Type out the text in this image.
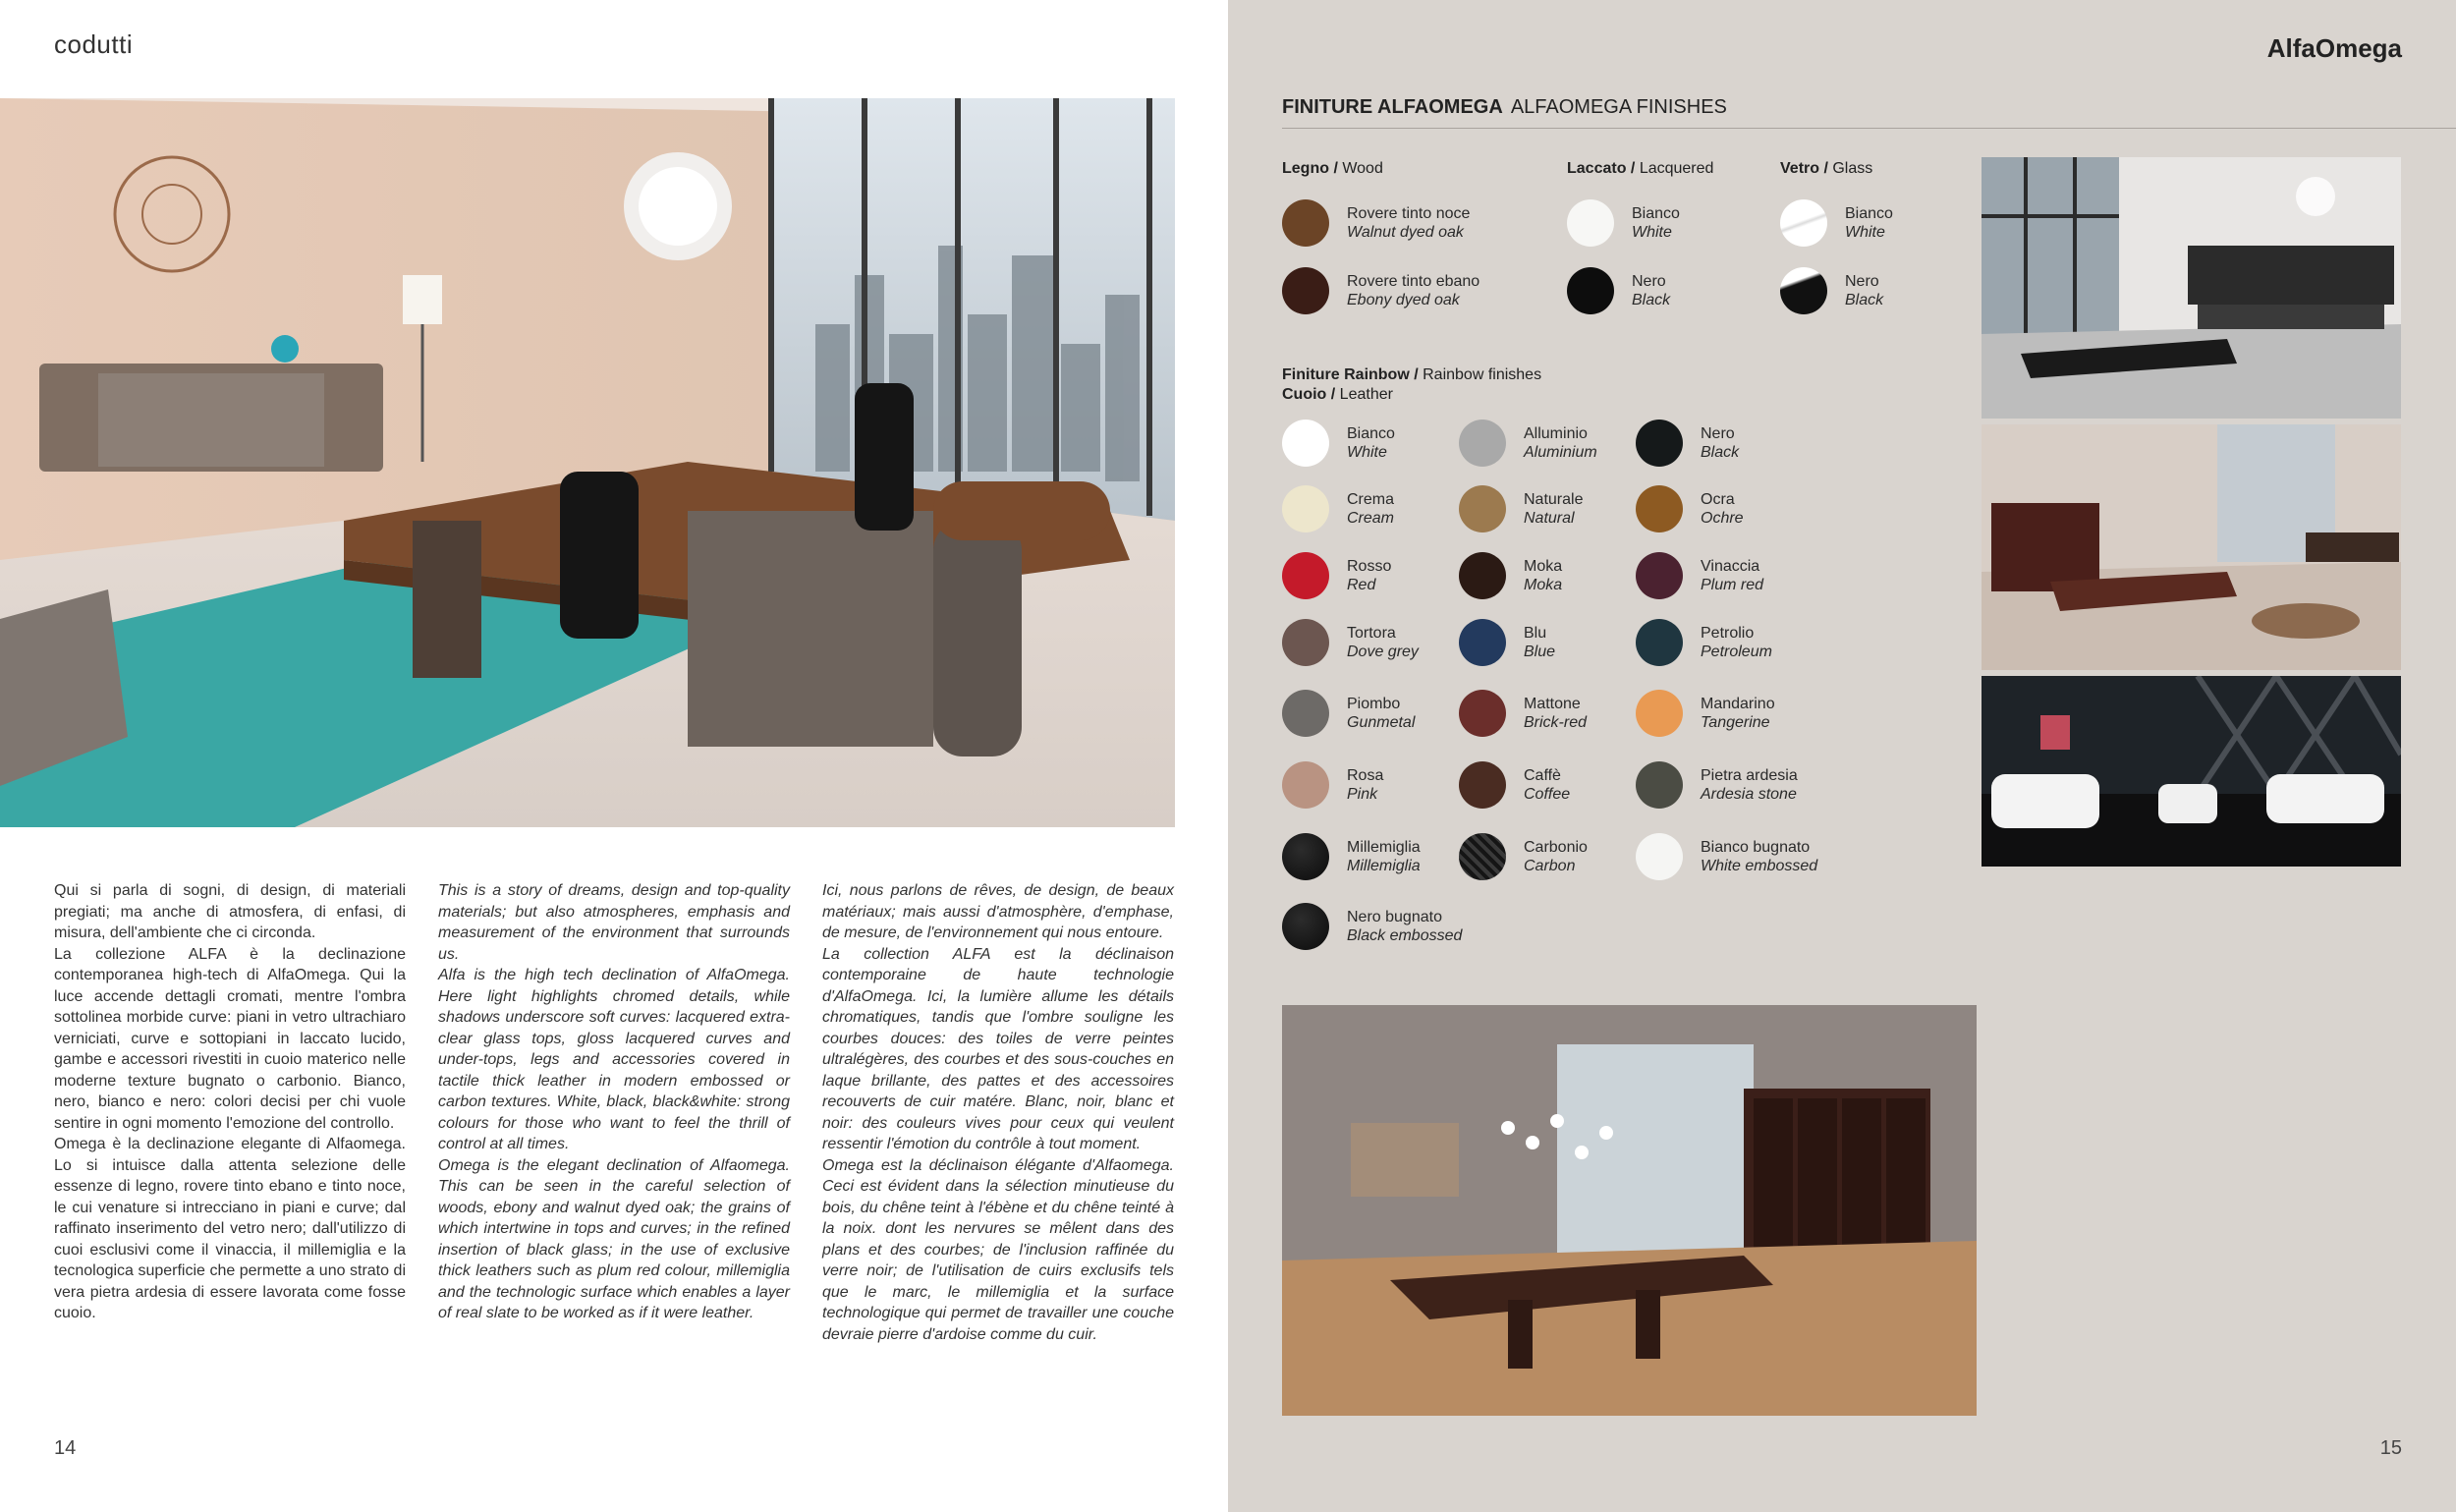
codutti

Qui si parla di sogni, di design, di materiali pregiati; ma anche di atmosfera, di enfasi, di misura, dell'ambiente che ci circonda.

La collezione ALFA è la declinazione contemporanea high-tech di AlfaOmega. Qui la luce accende dettagli cromati, mentre l'ombra sottolinea morbide curve: piani in vetro ultrachiaro verniciati, curve e sottopiani in laccato lucido, gambe e accessori rivestiti in cuoio materico nelle moderne texture bugnato o carbonio. Bianco, nero, bianco e nero: colori decisi per chi vuole sentire in ogni momento l'emozione del controllo.

Omega è la declinazione elegante di Alfaomega. Lo si intuisce dalla attenta selezione delle essenze di legno, rovere tinto ebano e tinto noce, le cui venature si intrecciano in piani e curve; dal raffinato inserimento del vetro nero; dall'utilizzo di cuoi esclusivi come il vinaccia, il millemiglia e la tecnologica superficie che permette a uno strato di vera pietra ardesia di essere lavorata come fosse cuoio.

This is a story of dreams, design and top-quality materials; but also atmospheres, emphasis and measurement of the environment that surrounds us.

Alfa is the high tech declination of AlfaOmega. Here light highlights chromed details, while shadows underscore soft curves: lacquered extra-clear glass tops, gloss lacquered curves and under-tops, legs and accessories covered in tactile thick leather in modern embossed or carbon textures. White, black, black&white: strong colours for those who want to feel the thrill of control at all times.

Omega is the elegant declination of Alfaomega. This can be seen in the careful selection of woods, ebony and walnut dyed oak; the grains of which intertwine in tops and curves; in the refined insertion of black glass; in the use of exclusive thick leathers such as plum red colour, millemiglia and the technologic surface which enables a layer of real slate to be worked as if it were leather.

Ici, nous parlons de rêves, de design, de beaux matériaux; mais aussi d'atmosphère, d'emphase, de mesure, de l'environnement qui nous entoure.

La collection ALFA est la déclinaison contemporaine de haute technologie d'AlfaOmega. Ici, la lumière allume les détails chromatiques, tandis que l'ombre souligne les courbes douces: des toiles de verre peintes ultralégères, des courbes et des sous-couches en laque brillante, des pattes et des accessoires recouverts de cuir matére. Blanc, noir, blanc et noir: des couleurs vives pour ceux qui veulent ressentir l'émotion du contrôle à tout moment.

Omega est la déclinaison élégante d'Alfaomega. Ceci est évident dans la sélection minutieuse du bois, du chêne teint à l'ébène et du chêne teinté à la noix. dont les nervures se mêlent dans des plans et des courbes; de l'inclusion raffinée du verre noir; de l'utilisation de cuirs exclusifs tels que le marc, le millemiglia et la surface technologique qui permet de travailler une couche devraie pierre d'ardoise comme du cuir.

14
AlfaOmega
FINITURE ALFAOMEGA ALFAOMEGA FINISHES
Legno / Wood	Laccato / Lacquered	Vetro / Glass
Finiture Rainbow / Rainbow finishes
Cuoio / Leather
Rovere tinto noce
Walnut dyed oak
Rovere tinto ebano
Ebony dyed oak
Bianco
White
Nero
Black
Bianco
White
Nero
Black
Bianco
White
Alluminio
Aluminium
Nero
Black
Crema
Cream
Naturale
Natural
Ocra
Ochre
Rosso
Red
Moka
Moka
Vinaccia
Plum red
Tortora
Dove grey
Blu
Blue
Petrolio
Petroleum
Piombo
Gunmetal
Mattone
Brick-red
Mandarino
Tangerine
Rosa
Pink
Caffè
Coffee
Pietra ardesia
Ardesia stone
Millemiglia
Millemiglia
Carbonio
Carbon
Bianco bugnato
White embossed
Nero bugnato
Black embossed
15
